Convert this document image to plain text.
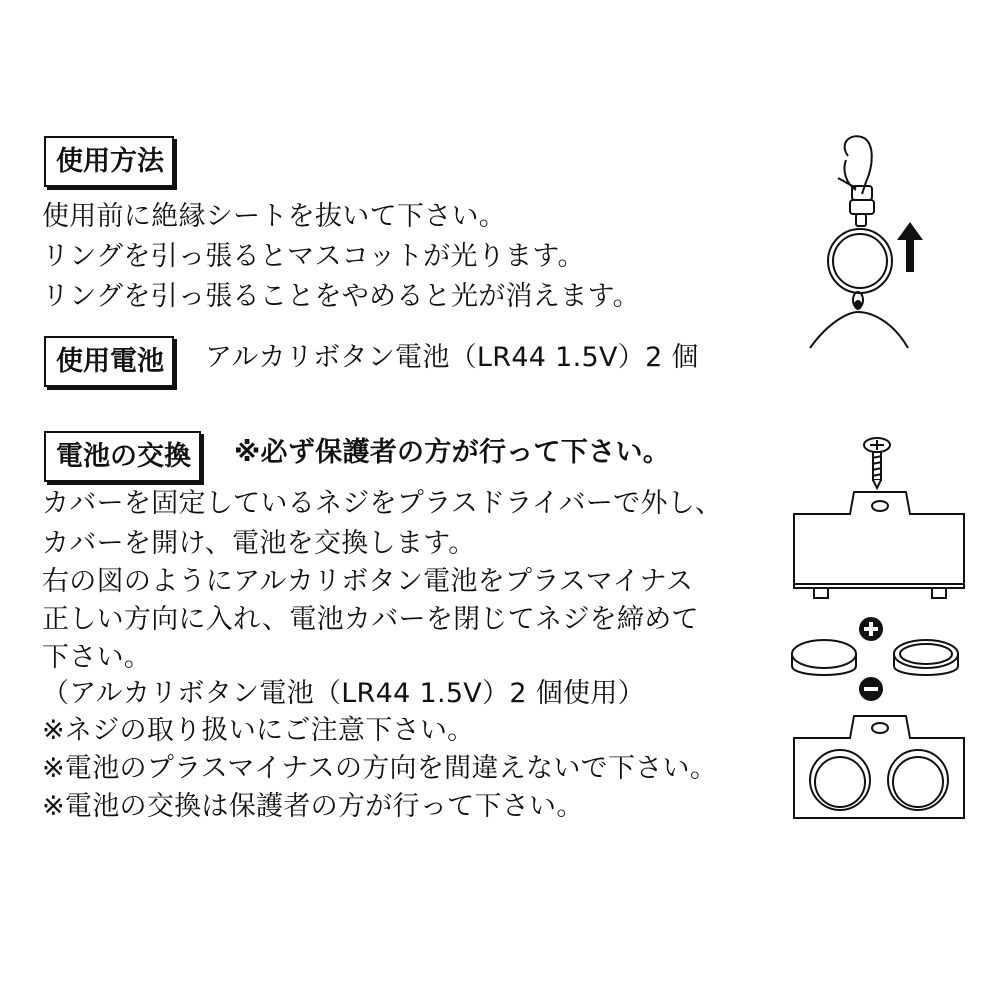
使用方法
使用前に絶縁シートを抜いて下さい。
リングを引っ張るとマスコットが光ります。
リングを引っ張ることをやめると光が消えます。
使用電池	アルカリボタン電池（LR44 1.5V）2 個
電池の交換	※必ず保護者の方が行って下さい。
カバーを固定しているネジをプラスドライバーで外し、
カバーを開け、電池を交換します。
右の図のようにアルカリボタン電池をプラスマイナス
正しい方向に入れ、電池カバーを閉じてネジを締めて
下さい。
（アルカリボタン電池（LR44 1.5V）2 個使用）
※ネジの取り扱いにご注意下さい。
※電池のプラスマイナスの方向を間違えないで下さい。
※電池の交換は保護者の方が行って下さい。
